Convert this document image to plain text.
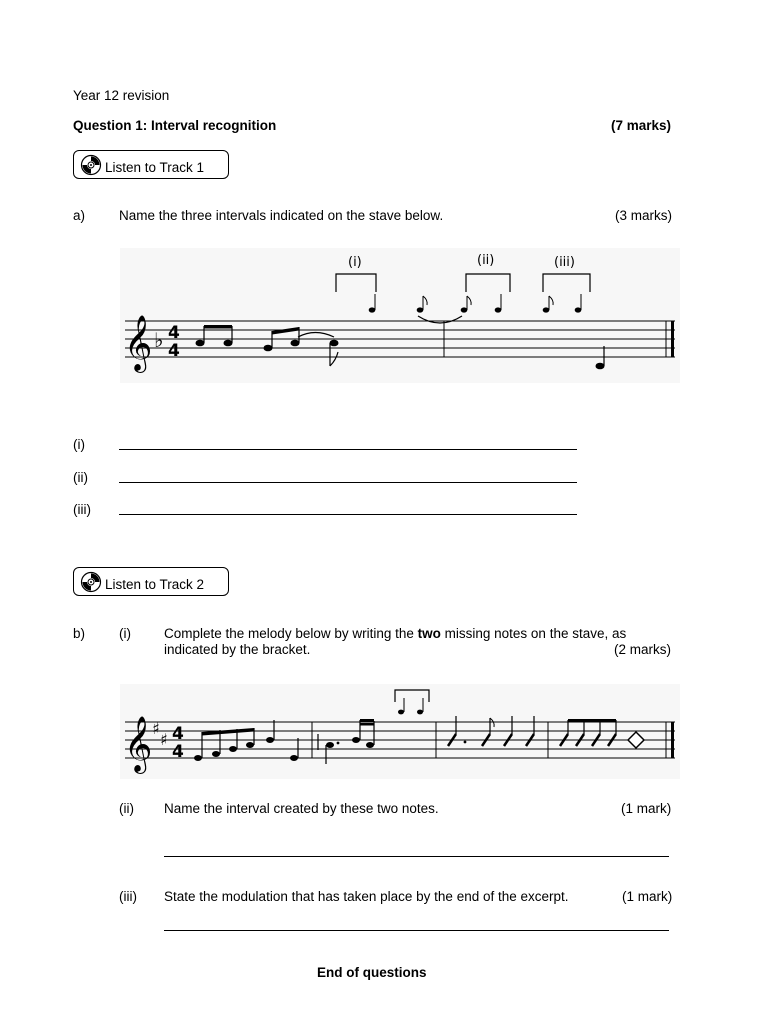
Year 12 revision
Question 1: Interval recognition	(7 marks)
Listen to Track 1
a)	Name the three intervals indicated on the stave below.	(3 marks)
𝄞 ♭ 4
4
(i)	(ii)	(iii)
(i)
(ii)
(iii)
Listen to Track 2
b)	(i) Complete the melody below by writing the two missing notes on the stave, as
indicated by the bracket.	(2 marks)
𝄞 ♯
♯ 4
4
(ii) Name the interval created by these two notes.	(1 mark)
(iii) State the modulation that has taken place by the end of the excerpt.	(1 mark)
End of questions
